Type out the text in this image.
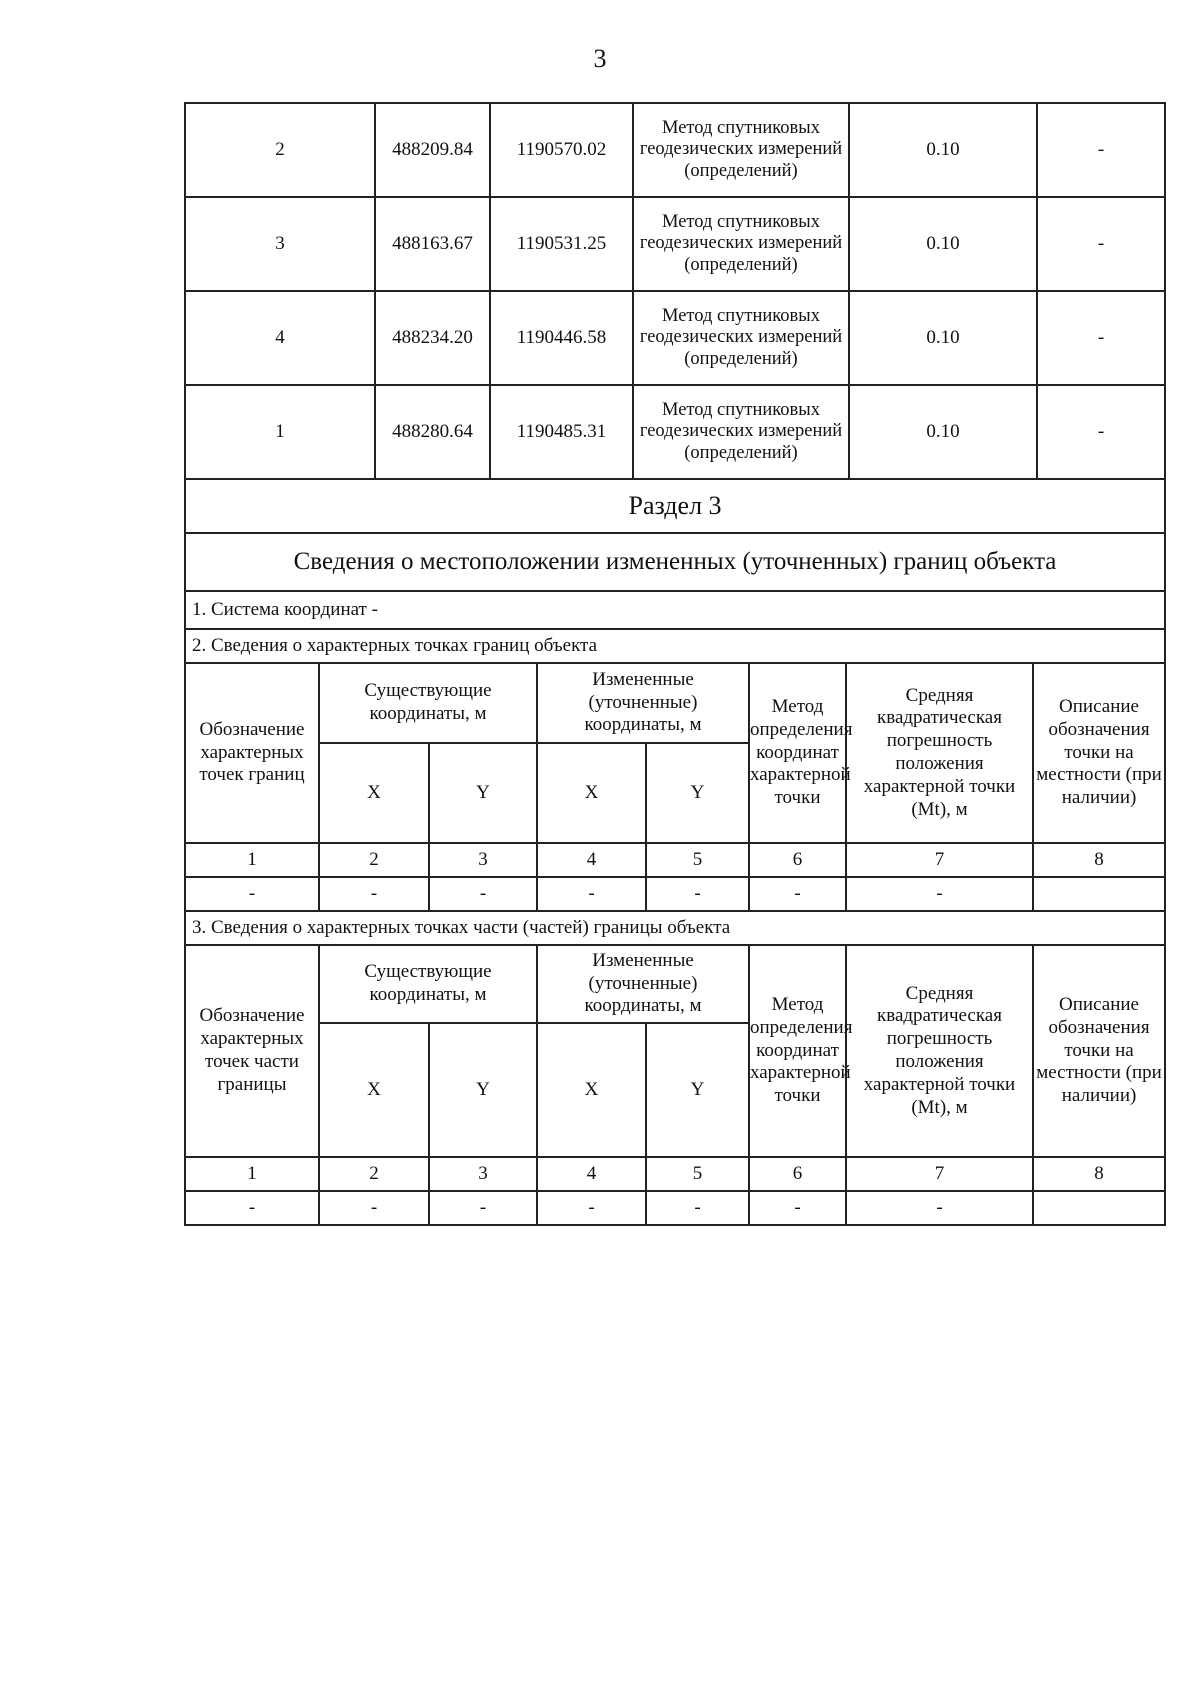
3
2	488209.84	1190570.02	Метод спутниковых геодезических измерений (определений)	0.10	-
3	488163.67	1190531.25	Метод спутниковых геодезических измерений (определений)	0.10	-
4	488234.20	1190446.58	Метод спутниковых геодезических измерений (определений)	0.10	-
1	488280.64	1190485.31	Метод спутниковых геодезических измерений (определений)	0.10	-
Раздел 3							
Сведения о местоположении измененных (уточненных) границ объекта							
1. Система координат -							
2. Сведения о характерных точках границ объекта							
Обозначение характерных точек границ	Существующие координаты, м		Измененные (уточненные) координаты, м		Метод определения координат характерной точки	Средняя квадратическая погрешность положения характерной точки (Mt), м	Описание обозначения точки на местности (при наличии)
	X	Y	X	Y			
1	2	3	4	5	6	7	8
-	-	-	-	-	-	-	
3. Сведения о характерных точках части (частей) границы объекта							
Обозначение характерных точек части границы	Существующие координаты, м		Измененные (уточненные) координаты, м		Метод определения координат характерной точки	Средняя квадратическая погрешность положения характерной точки (Mt), м	Описание обозначения точки на местности (при наличии)
	X	Y	X	Y			
1	2	3	4	5	6	7	8
-	-	-	-	-	-	-	
